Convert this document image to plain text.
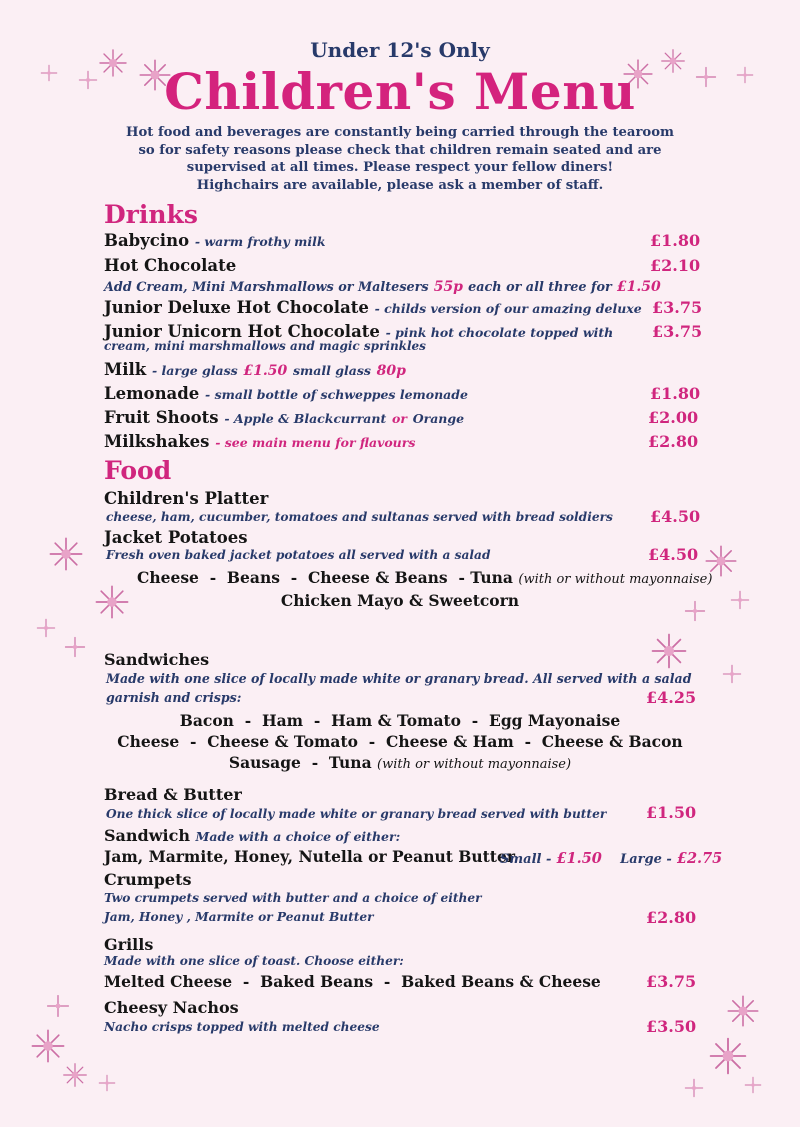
Under 12's Only
Children's Menu
Hot food and beverages are constantly being carried through the tearoom
so for safety reasons please check that children remain seated and are
supervised at all times. Please respect your fellow diners!
Highchairs are available, please ask a member of staff.
Drinks
Babycino - warm frothy milk	£1.80
Hot Chocolate	£2.10
Add Cream, Mini Marshmallows or Maltesers 55p each or all three for £1.50
Junior Deluxe Hot Chocolate - childs version of our amazing deluxe £3.75
Junior Unicorn Hot Chocolate - pink hot chocolate topped with
cream, mini marshmallows and magic sprinkles
£3.75
Milk - large glass £1.50 small glass 80p
Lemonade - small bottle of schweppes lemonade	£1.80
Fruit Shoots - Apple & Blackcurrant or Orange	£2.00
Milkshakes - see main menu for flavours	£2.80
Food
Children's Platter
cheese, ham, cucumber, tomatoes and sultanas served with bread soldiers £4.50
Jacket Potatoes
Fresh oven baked jacket potatoes all served with a salad	£4.50
Cheese  -  Beans  -  Cheese & Beans  - Tuna (with or without mayonnaise)
Chicken Mayo & Sweetcorn
Sandwiches
Made with one slice of locally made white or granary bread. All served with a salad
garnish and crisps:	£4.25
Bacon  -  Ham  -  Ham & Tomato  -  Egg Mayonaise
Cheese  -  Cheese & Tomato  -  Cheese & Ham  -  Cheese & Bacon
Sausage  -  Tuna (with or without mayonnaise)
Bread & Butter
One thick slice of locally made white or granary bread served with butter £1.50
Sandwich Made with a choice of either:
Jam, Marmite, Honey, Nutella or Peanut Butter
Small - £1.50 Large - £2.75
Crumpets
Two crumpets served with butter and a choice of either
Jam, Honey , Marmite or Peanut Butter	£2.80
Grills
Made with one slice of toast. Choose either:
Melted Cheese  -  Baked Beans  -  Baked Beans & Cheese	£3.75
Cheesy Nachos
Nacho crisps topped with melted cheese	£3.50
